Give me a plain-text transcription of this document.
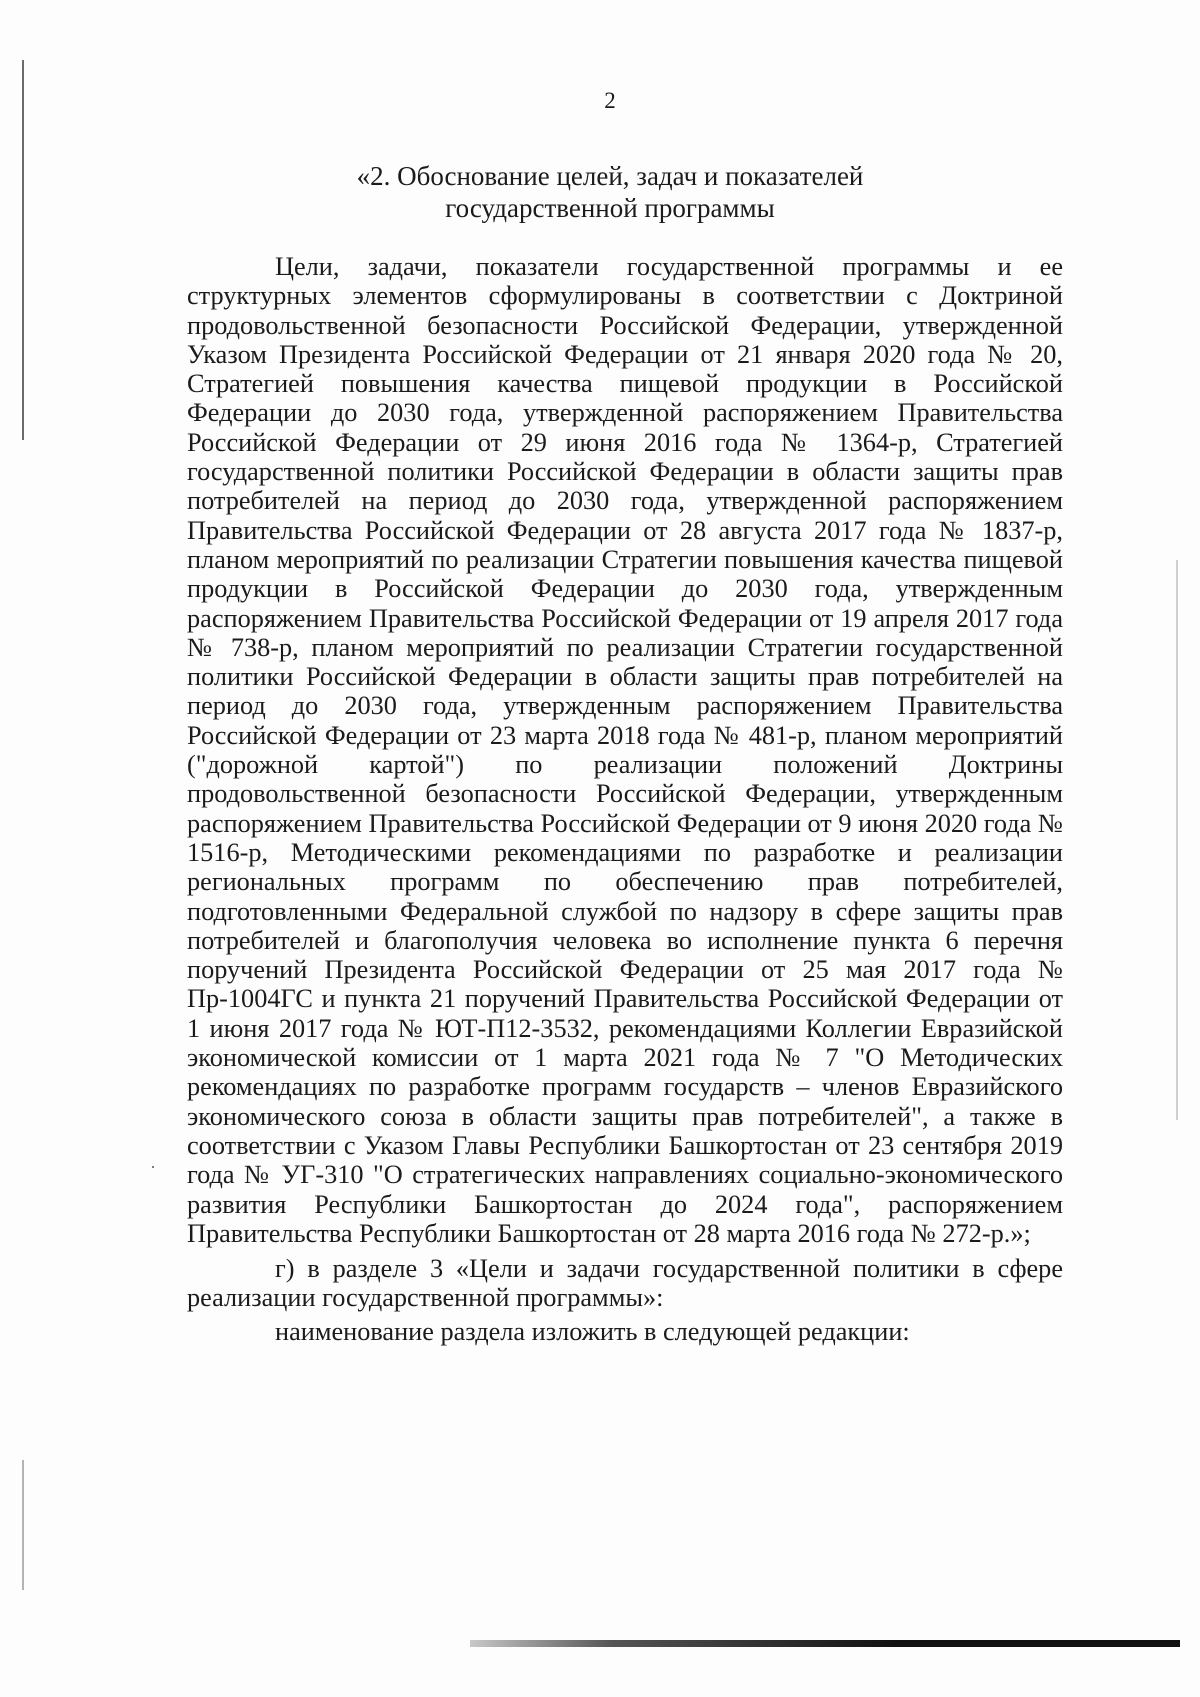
2
«2. Обоснование целей, задач и показателей
государственной программы

Цели, задачи, показатели государственной программы и ее структурных элементов сформулированы в соответствии с Доктриной продовольственной безопасности Российской Федерации, утвержденной Указом Президента Российской Федерации от 21 января 2020 года № 20, Стратегией повышения качества пищевой продукции в Российской Федерации до 2030 года, утвержденной распоряжением Правительства Российской Федерации от 29 июня 2016 года № 1364-р, Стратегией государственной политики Российской Федерации в области защиты прав потребителей на период до 2030 года, утвержденной распоряжением Правительства Российской Федерации от 28 августа 2017 года № 1837-р, планом мероприятий по реализации Стратегии повышения качества пищевой продукции в Российской Федерации до 2030 года, утвержденным распоряжением Правительства Российской Федерации от 19 апреля 2017 года № 738-р, планом мероприятий по реализации Стратегии государственной политики Российской Федерации в области защиты прав потребителей на период до 2030 года, утвержденным распоряжением Правительства Российской Федерации от 23 марта 2018 года № 481-р, планом мероприятий ("дорожной картой") по реализации положений Доктрины продовольственной безопасности Российской Федерации, утвержденным распоряжением Правительства Российской Федерации от 9 июня 2020 года № 1516-р, Методическими рекомендациями по разработке и реализации региональных программ по обеспечению прав потребителей, подготовленными Федеральной службой по надзору в сфере защиты прав потребителей и благополучия человека во исполнение пункта 6 перечня поручений Президента Российской Федерации от 25 мая 2017 года № Пр-1004ГС и пункта 21 поручений Правительства Российской Федерации от 1 июня 2017 года № ЮТ-П12-3532, рекомендациями Коллегии Евразийской экономической комиссии от 1 марта 2021 года № 7 "О Методических рекомендациях по разработке программ государств – членов Евразийского экономического союза в области защиты прав потребителей", а также в соответствии с Указом Главы Республики Башкортостан от 23 сентября 2019 года № УГ-310 "О стратегических направлениях социально-экономического развития Республики Башкортостан до 2024 года", распоряжением Правительства Республики Башкортостан от 28 марта 2016 года № 272-р.»;

г) в разделе 3 «Цели и задачи государственной политики в сфере реализации государственной программы»:

наименование раздела изложить в следующей редакции:
